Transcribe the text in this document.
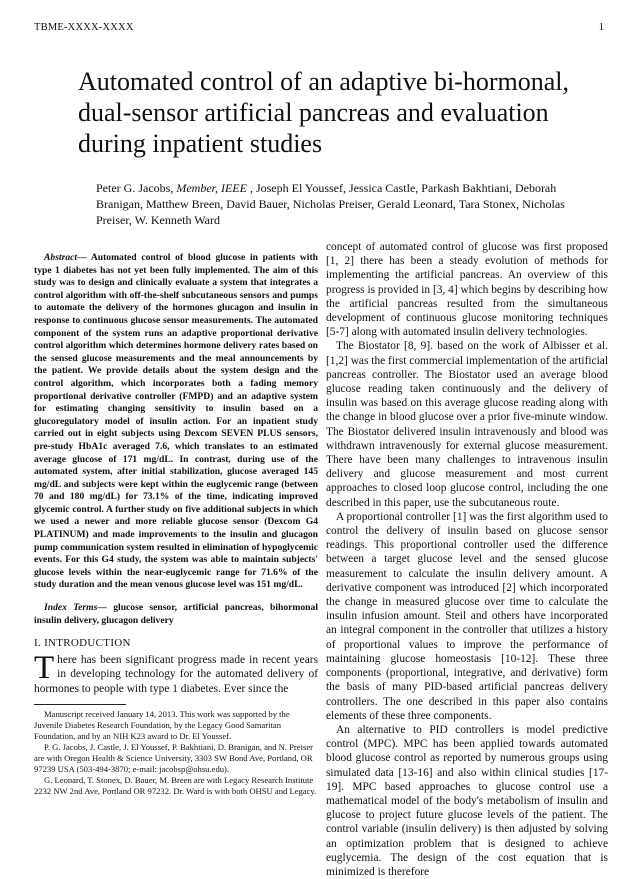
TBME-XXXX-XXXX	1
Automated control of an adaptive bi-hormonal, dual-sensor artificial pancreas and evaluation during inpatient studies

Peter G. Jacobs, Member, IEEE , Joseph El Youssef, Jessica Castle, Parkash Bakhtiani, Deborah Branigan, Matthew Breen, David Bauer, Nicholas Preiser, Gerald Leonard, Tara Stonex, Nicholas Preiser, W. Kenneth Ward

Abstract— Automated control of blood glucose in patients with type 1 diabetes has not yet been fully implemented. The aim of this study was to design and clinically evaluate a system that integrates a control algorithm with off-the-shelf subcutaneous sensors and pumps to automate the delivery of the hormones glucagon and insulin in response to continuous glucose sensor measurements. The automated component of the system runs an adaptive proportional derivative control algorithm which determines hormone delivery rates based on the sensed glucose measurements and the meal announcements by the patient. We provide details about the system design and the control algorithm, which incorporates both a fading memory proportional derivative controller (FMPD) and an adaptive system for estimating changing sensitivity to insulin based on a glucoregulatory model of insulin action. For an inpatient study carried out in eight subjects using Dexcom SEVEN PLUS sensors, pre-study HbA1c averaged 7.6, which translates to an estimated average glucose of 171 mg/dL. In contrast, during use of the automated system, after initial stabilization, glucose averaged 145 mg/dL and subjects were kept within the euglycemic range (between 70 and 180 mg/dL) for 73.1% of the time, indicating improved glycemic control. A further study on five additional subjects in which we used a newer and more reliable glucose sensor (Dexcom G4 PLATINUM) and made improvements to the insulin and glucagon pump communication system resulted in elimination of hypoglycemic events. For this G4 study, the system was able to maintain subjects' glucose levels within the near-euglycemic range for 71.6% of the study duration and the mean venous glucose level was 151 mg/dL.

Index Terms— glucose sensor, artificial pancreas, bihormonal insulin delivery, glucagon delivery

I. INTRODUCTION

There has been significant progress made in recent years in developing technology for the automated delivery of hormones to people with type 1 diabetes. Ever since the

Manuscript received January 14, 2013. This work was supported by the Juvenile Diabetes Research Foundation, by the Legacy Good Samaritan Foundation, and by an NIH K23 award to Dr. El Youssef.

P. G. Jacobs, J. Castle, J. El Youssef, P. Bakhtiani, D. Branigan, and N. Preiser are with Oregon Health & Science University, 3303 SW Bond Ave, Portland, OR 97239 USA (503-494-3870; e-mail: jacobsp@ohsu.edu).

G. Leonard, T. Stonex, D. Bauer, M. Breen are with Legacy Research Institute 2232 NW 2nd Ave, Portland OR 97232. Dr. Ward is with both OHSU and Legacy.

concept of automated control of glucose was first proposed [1, 2] there has been a steady evolution of methods for implementing the artificial pancreas. An overview of this progress is provided in [3, 4] which begins by describing how the artificial pancreas resulted from the simultaneous development of continuous glucose monitoring techniques [5-7] along with automated insulin delivery technologies.

The Biostator [8, 9]. based on the work of Albisser et al. [1,2] was the first commercial implementation of the artificial pancreas controller. The Biostator used an average blood glucose reading taken continuously and the delivery of insulin was based on this average glucose reading along with the change in blood glucose over a prior five-minute window. The Biostator delivered insulin intravenously and blood was withdrawn intravenously for external glucose measurement. There have been many challenges to intravenous insulin delivery and glucose measurement and most current approaches to closed loop glucose control, including the one described in this paper, use the subcutaneous route.

A proportional controller [1] was the first algorithm used to control the delivery of insulin based on glucose sensor readings. This proportional controller used the difference between a target glucose level and the sensed glucose measurement to calculate the insulin delivery amount. A derivative component was introduced [2] which incorporated the change in measured glucose over time to calculate the insulin infusion amount. Steil and others have incorporated an integral component in the controller that utilizes a history of proportional values to improve the performance of maintaining glucose homeostasis [10-12]. These three components (proportional, integrative, and derivative) form the basis of many PID-based artificial pancreas delivery controllers. The one described in this paper also contains elements of these three components.

An alternative to PID controllers is model predictive control (MPC). MPC has been applied towards automated blood glucose control as reported by numerous groups using simulated data [13-16] and also within clinical studies [17-19]. MPC based approaches to glucose control use a mathematical model of the body's metabolism of insulin and glucose to project future glucose levels of the patient. The control variable (insulin delivery) is then adjusted by solving an optimization problem that is designed to achieve euglycemia. The design of the cost equation that is minimized is therefore
